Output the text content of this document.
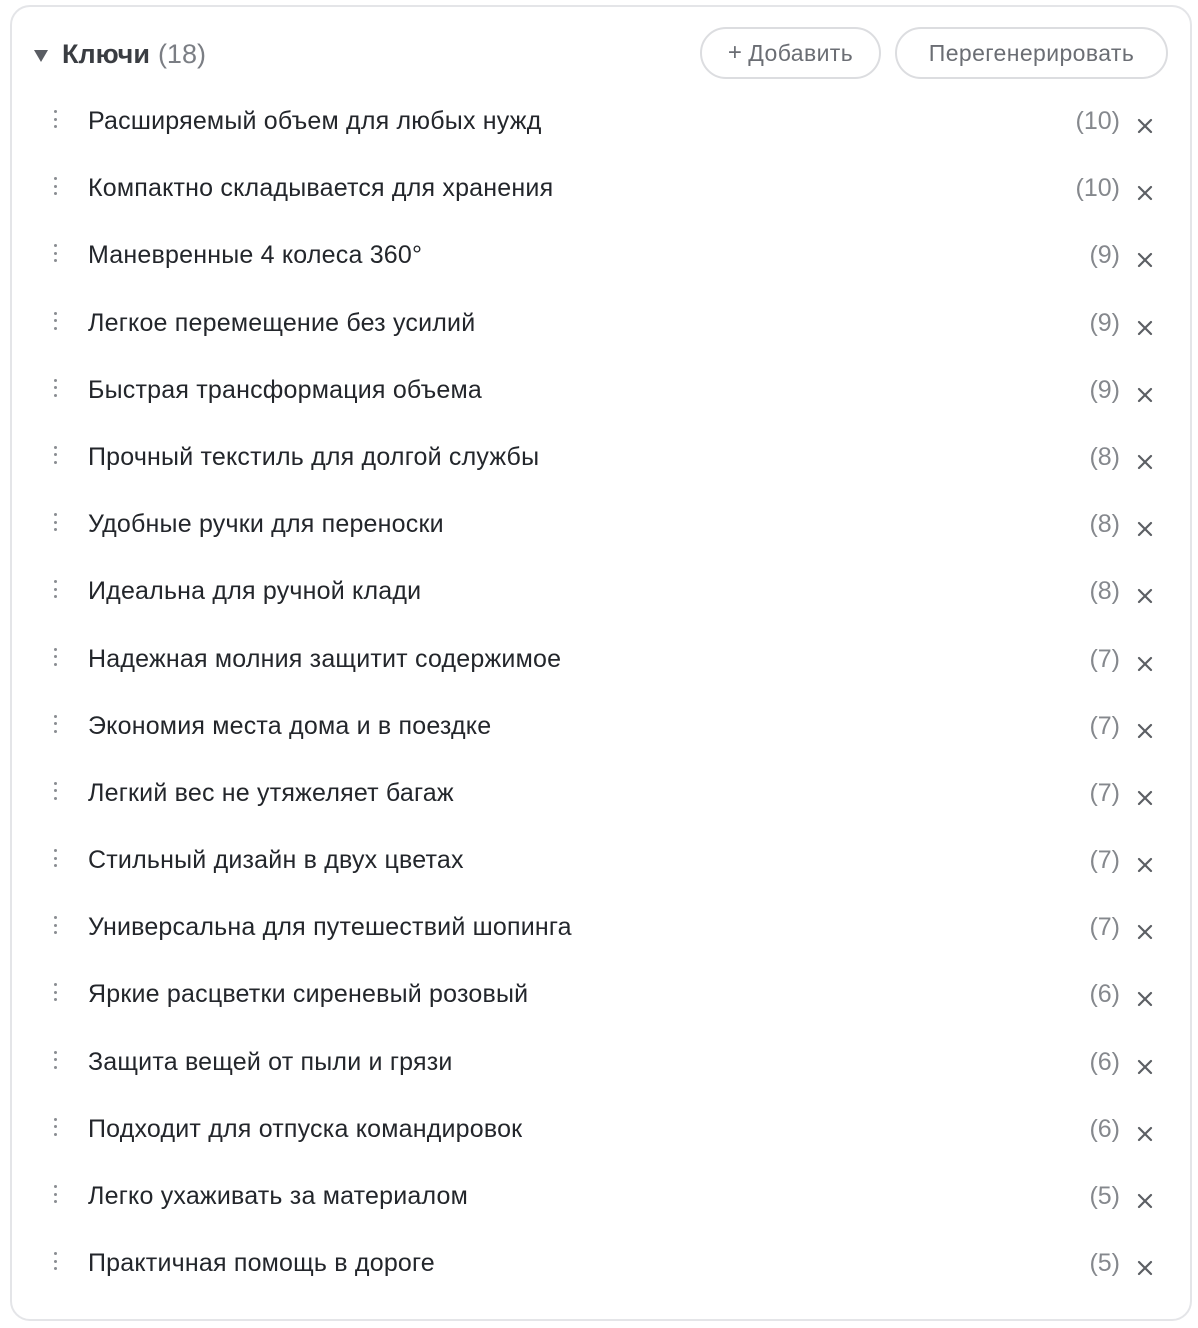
Ключи (18)	+ Добавить	Перегенерировать
Расширяемый объем для любых нужд	(10)
Компактно складывается для хранения	(10)
Маневренные 4 колеса 360°	(9)
Легкое перемещение без усилий	(9)
Быстрая трансформация объема	(9)
Прочный текстиль для долгой службы	(8)
Удобные ручки для переноски	(8)
Идеальна для ручной клади	(8)
Надежная молния защитит содержимое	(7)
Экономия места дома и в поездке	(7)
Легкий вес не утяжеляет багаж	(7)
Стильный дизайн в двух цветах	(7)
Универсальна для путешествий шопинга	(7)
Яркие расцветки сиреневый розовый	(6)
Защита вещей от пыли и грязи	(6)
Подходит для отпуска командировок	(6)
Легко ухаживать за материалом	(5)
Практичная помощь в дороге	(5)
